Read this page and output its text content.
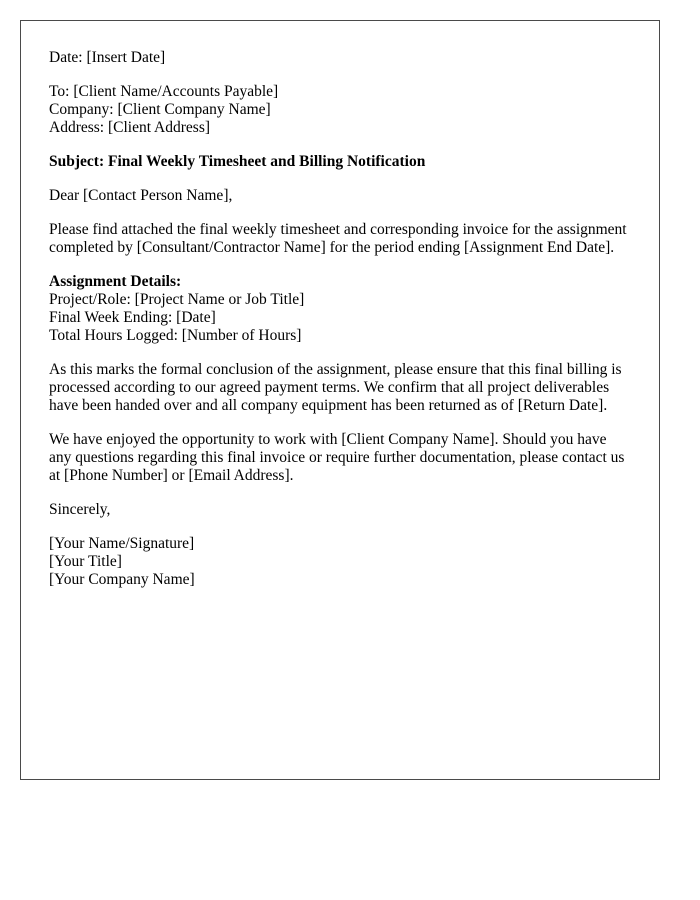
Date: [Insert Date]
To: [Client Name/Accounts Payable]
Company: [Client Company Name]
Address: [Client Address]
Subject: Final Weekly Timesheet and Billing Notification
Dear [Contact Person Name],
Please find attached the final weekly timesheet and corresponding invoice for the assignment completed by [Consultant/Contractor Name] for the period ending [Assignment End Date].
Assignment Details:
Project/Role: [Project Name or Job Title]
Final Week Ending: [Date]
Total Hours Logged: [Number of Hours]
As this marks the formal conclusion of the assignment, please ensure that this final billing is processed according to our agreed payment terms. We confirm that all project deliverables have been handed over and all company equipment has been returned as of [Return Date].
We have enjoyed the opportunity to work with [Client Company Name]. Should you have any questions regarding this final invoice or require further documentation, please contact us at [Phone Number] or [Email Address].
Sincerely,
[Your Name/Signature]
[Your Title]
[Your Company Name]
